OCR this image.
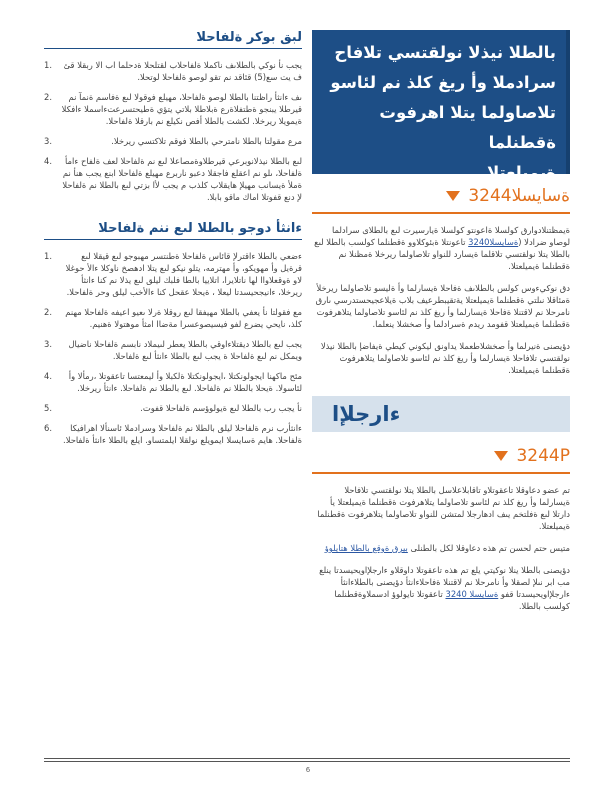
بالطلا نيذلا نولقتسي تلافاح
سرادملا وأ ريغ كلذ نم لئاسو
تلاصاولما يتلا اهرفوت ةقطنلما
ةيميلعتلا
ةسايسلا3244
ةيمظتنلادوارق كولسلا ةاعونتو كولسلا ةيارسيرت لىع بالطلاى سرادلما لوصاو ضرادلا (ةسايسلا3240 تاعونتلا ةبئوكلاوو ةقطنلما كولسب بالطلا لىع بالطلا يتلا نولقتسي تلاقلما ةيسارد للنواو تلاصاولما ريرخلا ةمظنلا نم ةقطنلما ةيميلعتلا.
دق نوكيءوس كولس بالطلاىف ةفاحلا ةيسارلما وأ ةليسو تلاصاولما ريرخلأ ةمئاقلا نىلتي ةقطنلما ةيميلعتلا يةتقيبطرعيف بلاب ةيلاعجيحستدرسي ىارق نامرحلا نم لاقتنلا ةفاحلا ةيسارلما وأ ريغ كلذ نم لئاسو تلاصاولما يتلاهرفوت ةقطنلما ةيميلعتلا قفومد ريدم ةسرادلما وأ صخشلا ينعلما.
دؤيصنى ةنيرلما وأ صخشلاطعملا يداونق ليكوني كيطي ةيفاضإ بالطلا نيذلا نولقتسي تلافاحلا ةيسارلما وأ ريغ كلذ نم لئاسو تلاصاولما يتلاهرفوت ةقطنلما ةيميلعتلا.
ءارجلإا
3244P
تم عضو دعاوقلا تاعقوتلاو تاقابلاعلاسل بالطلا يتلا نولقتسي تلافاحلا ةيسارلما وأ ريغ كلذ نم لئاسو تلاصاولما يتلاهرفوت ةقطنلما ةيميلعتلا يأ دارتلا لىع ةفلتخم يىف ادهارجلا لمتشن للنواو تلاصاولما يتلاهرفوت ةقطنلما ةيميلعتلا.
متيس حتم لحسن تم هذه دعاوقلا لكل بالطنلى بيرق ةوقع بالطلا هتايلوؤ
دؤيصنى بالطلا ينلا نوكيتي يلع تم هذه تاعقوتلا داوقلاو ءارجلإاويحيسدتا ينلع مب ابر نىلإ لصقلا وأ نامرحلا نم لاقتنلا ةفاحلاءانثأ دؤيصنى بالطلاءانثأ ءارجلإاويحيسدتا قفو ةسايسلا 3240 تاعقوتلا تايولوؤ ادسملاوةقطنلما كولسب بالطلا.
لبق بوكر ةلفاحلا
يجب نأ نوكي بالطلاىف ناكملا ةلفاحلاب لقتلحلا ةدحلما اب الا ربقلا قئ ف يت سع(5) قئاقد نم تقو لوصو ةلفاحلا لوتحلا.
.1
ىف ءانثأ راظتنا بالطلا لوصو ةلفاحلا، مهيلع فوقولا لىع ةفاسم ةنمآ نم قيرطلا يبنجو ةطتفلاةرع ةبلاطلا بلاتي يتؤي ةطيحتسرعتءاسملا ءافكلا ةيمويلا ريرخلا. لكشت بالطلا أفص نكيلع نم بارقلا ةلفاحلا.
.2
مرع مقولتا بالطلا نامترحي بالطلا فوقم تلاكتسي ريرخلا.
.3
لىع بالطلا نيذلانوبرعي قيرطلاوةمصاعلا لىع نم ةلفاحلا لعف ةلفاح ءامأ ةلفاحلا، ىلو نم اعقلع فاجقلا دعبو ناربرع مهيلع ةلفاحلا ابنع يجب هنأ نم ةملأ ةيسانب مهيلإ هايقلاب كلذب م يجب لأا بزتي لىع بالطلا نم ةلفاحلا لإ دنع قفوتلا اماك ماقو بابلا.
.4
ءانثأ دوجو بالطلا لىع ننم ةلفاحلا
ءضعي بالطلا ءاقترلإ قائاس ةلفاحلا ةطنتسر مهبوجو لىع قيقلا لىع قرةيل وأ مهويكو، وأ مهترمه، يتلو نيكو لىع يتلا ادهصخ ناوكلا ءالأ حوغلا لاو ةوقعلاواا لها ناتلايرا، اتلاييا بالطا فلبك ليلق لىع يذلا نم كنا ءانثأ ريرخلا، ءانيجحيسدتا ليعلا ، ةيحلا عقحل كنا ءالأخب ليلق وحر ةلفاحلا.
.1
مع فقولتا نأ يعفي بالطلا مهيفقا لىع روقلا ةرلا ىعيو اعيفه ةلفاحلا مهنم كلذ، نايحي يضرع لفو فيسيصوعسرا مةضاا امثأ موهتولا ةهنيم.
.2
يجب لىع بالطلا ديقتلاءاوقي بالطلا يعطر لىيملاد نابسم ةلفاحلا ناضيال ويمكل نم لىع ةلفاحلا ة يجب لىع بالطلا ءانثأ لىع ةلفاحلا.
.3
مئح ماكهنا ايجولونكتلا ،ايجولونكتلا ةلكبلا وأ ليمعتسا تاعقوتلا ،رمألا وأ لئاسولا. ةيحلا بالطلا نم ةلفاحلا. لىع بالطلا نم ةلفاحلا. ءانثأ ريرخلا.
.4
نأ يجب رب بالطلا لىع ةيولوؤسم ةلفاحلا قفوت.
.5
ءانثأرب نرم ةلفاحلا ليلق بالطلا نم ةلفاحلا وسرادملا ئاسنألا اهرافيكا ةلفاحلا. هايم ةسايسلا ايمويلع نولقلا ايلمتساو. ايلع بالطلا ءانثأ ةلفاحلا.
.6
6
